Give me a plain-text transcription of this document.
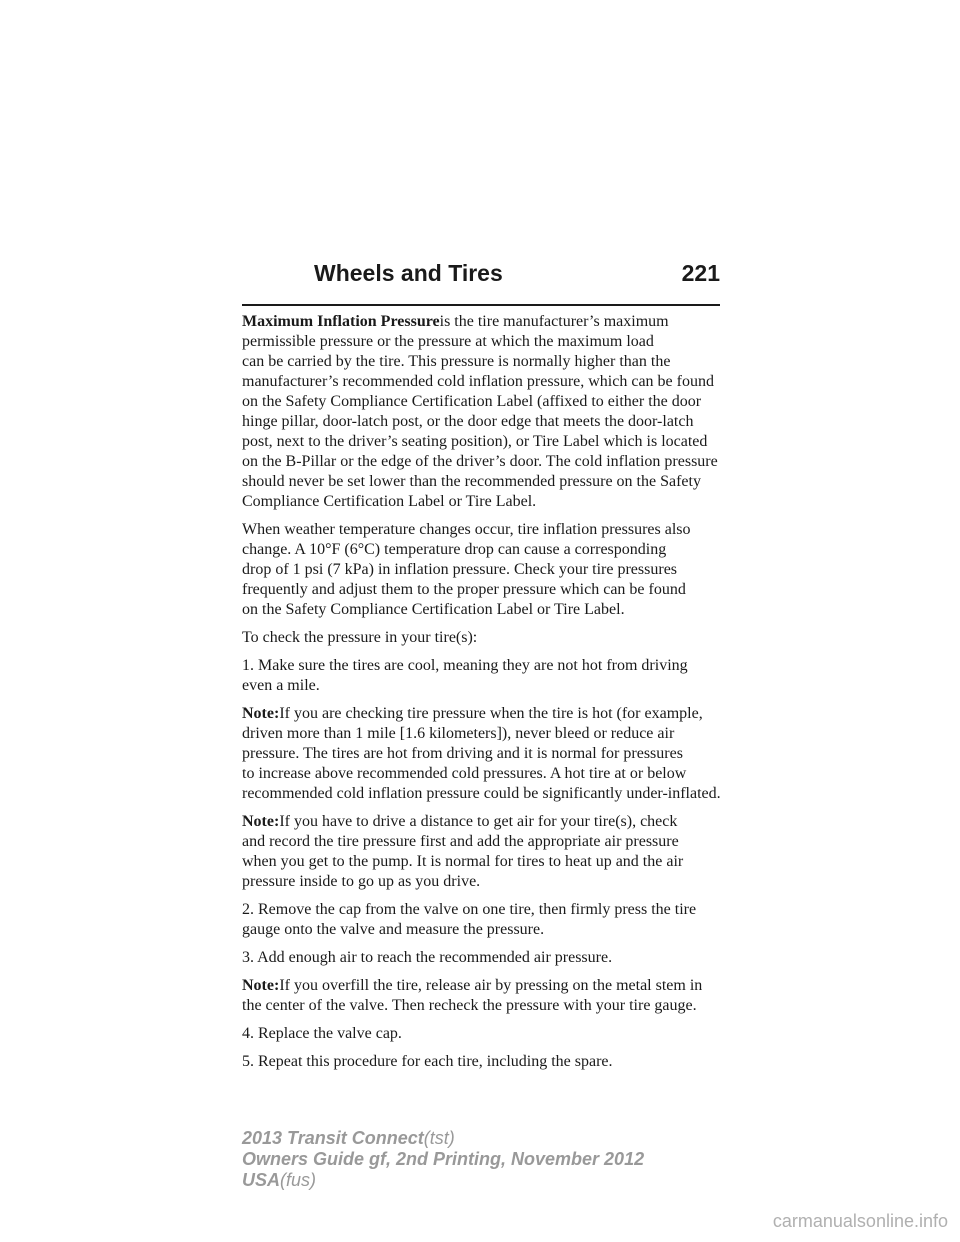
Wheels and Tires	221

Maximum Inflation Pressureis the tire manufacturer’s maximum
permissible pressure or the pressure at which the maximum load
can be carried by the tire. This pressure is normally higher than the
manufacturer’s recommended cold inflation pressure, which can be found
on the Safety Compliance Certification Label (affixed to either the door
hinge pillar, door-latch post, or the door edge that meets the door-latch
post, next to the driver’s seating position), or Tire Label which is located
on the B-Pillar or the edge of the driver’s door. The cold inflation pressure
should never be set lower than the recommended pressure on the Safety
Compliance Certification Label or Tire Label.

When weather temperature changes occur, tire inflation pressures also
change. A 10°F (6°C) temperature drop can cause a corresponding
drop of 1 psi (7 kPa) in inflation pressure. Check your tire pressures
frequently and adjust them to the proper pressure which can be found
on the Safety Compliance Certification Label or Tire Label.

To check the pressure in your tire(s):

1. Make sure the tires are cool, meaning they are not hot from driving
even a mile.

Note:If you are checking tire pressure when the tire is hot (for example,
driven more than 1 mile [1.6 kilometers]), never bleed or reduce air
pressure. The tires are hot from driving and it is normal for pressures
to increase above recommended cold pressures. A hot tire at or below
recommended cold inflation pressure could be significantly under-inflated.

Note:If you have to drive a distance to get air for your tire(s), check
and record the tire pressure first and add the appropriate air pressure
when you get to the pump. It is normal for tires to heat up and the air
pressure inside to go up as you drive.

2. Remove the cap from the valve on one tire, then firmly press the tire
gauge onto the valve and measure the pressure.

3. Add enough air to reach the recommended air pressure.

Note:If you overfill the tire, release air by pressing on the metal stem in
the center of the valve. Then recheck the pressure with your tire gauge.

4. Replace the valve cap.

5. Repeat this procedure for each tire, including the spare.

2013 Transit Connect(tst)
Owners Guide gf, 2nd Printing, November 2012
USA(fus)
carmanualsonline.info
